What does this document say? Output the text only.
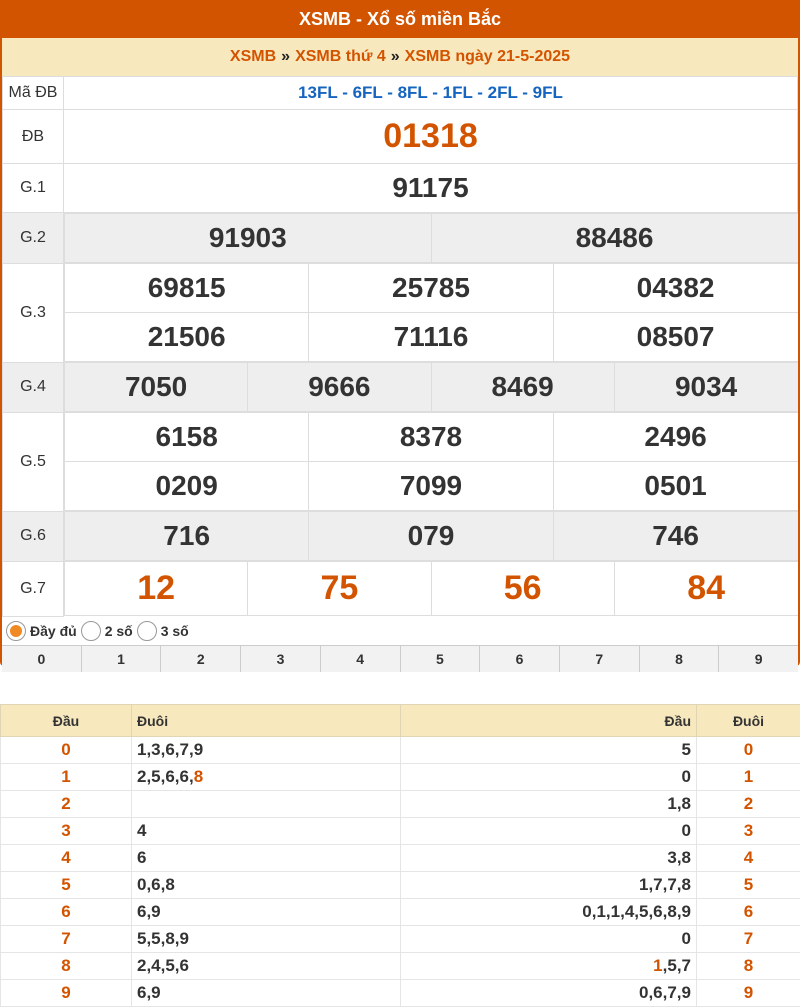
XSMB - Xổ số miền Bắc
XSMB » XSMB thứ 4 » XSMB ngày 21-5-2025
Mã ĐB	13FL - 6FL - 8FL - 1FL - 2FL - 9FL
ĐB	01318
G.1	91175
G.2		91903	88486

G.3	
69815	25785	04382
21506	71116	08507

G.4		7050	9666	8469	9034

G.5	
6158	8378	2496
0209	7099	0501

G.6		716	079	746

G.7		12	75	56	84
Đầy đủ 2 số 3 số
0	1	2	3	4	5	6	7	8	9
Đầu	Đuôi	Đầu	Đuôi
0	1,3,6,7,9	5	0
1	2,5,6,6,8	0	1
2		1,8	2
3	4	0	3
4	6	3,8	4
5	0,6,8	1,7,7,8	5
6	6,9	0,1,1,4,5,6,8,9	6
7	5,5,8,9	0	7
8	2,4,5,6	1,5,7	8
9	6,9	0,6,7,9	9
